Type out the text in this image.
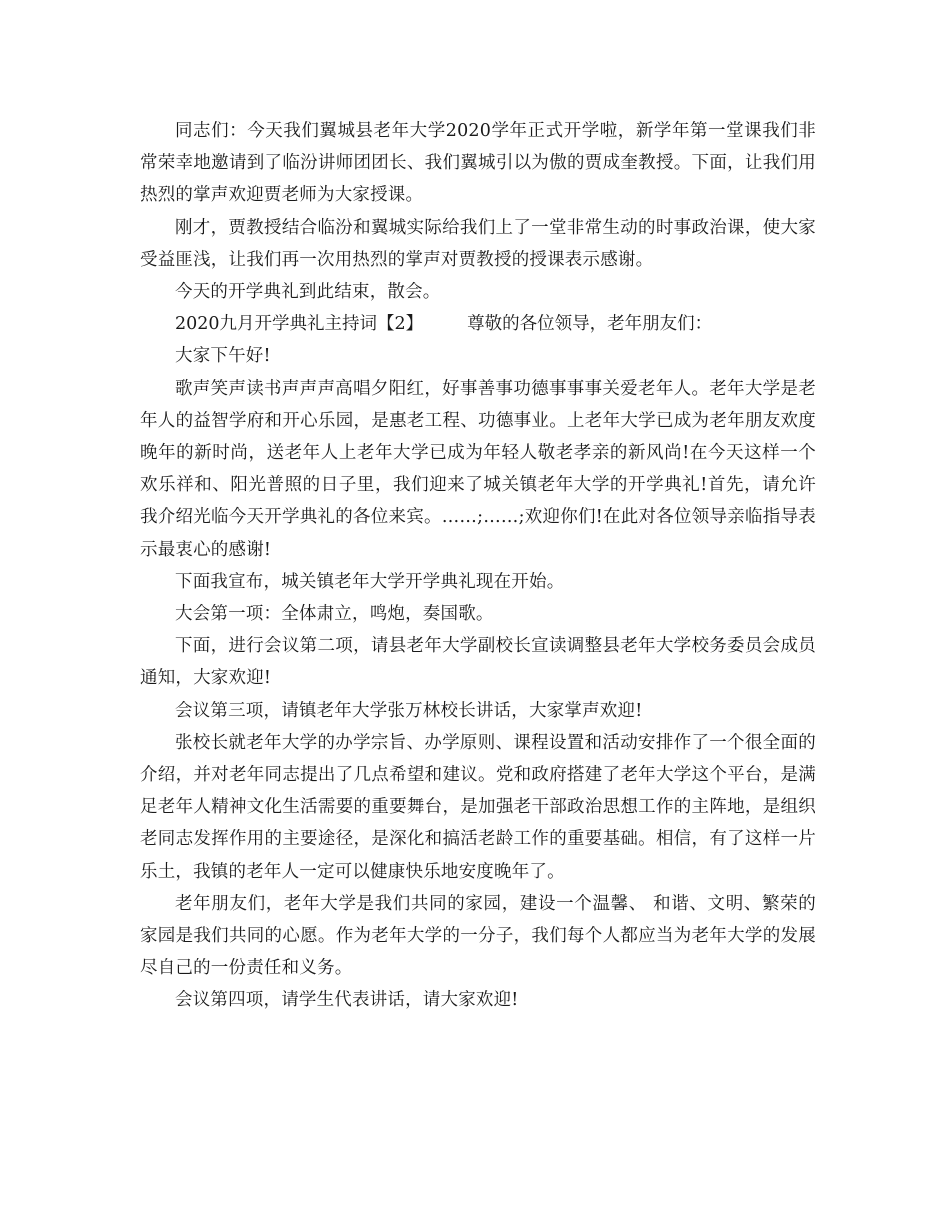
同志们：今天我们翼城县老年大学2020学年正式开学啦，新学年第一堂课我们非常荣幸地邀请到了临汾讲师团团长、我们翼城引以为傲的贾成奎教授。下面，让我们用热烈的掌声欢迎贾老师为大家授课。

刚才，贾教授结合临汾和翼城实际给我们上了一堂非常生动的时事政治课，使大家受益匪浅，让我们再一次用热烈的掌声对贾教授的授课表示感谢。

今天的开学典礼到此结束，散会。

2020九月开学典礼主持词【2】	尊敬的各位领导，老年朋友们：

大家下午好!

歌声笑声读书声声声高唱夕阳红，好事善事功德事事事关爱老年人。老年大学是老年人的益智学府和开心乐园，是惠老工程、功德事业。上老年大学已成为老年朋友欢度晚年的新时尚，送老年人上老年大学已成为年轻人敬老孝亲的新风尚!在今天这样一个欢乐祥和、阳光普照的日子里，我们迎来了城关镇老年大学的开学典礼!首先，请允许我介绍光临今天开学典礼的各位来宾。……;……;欢迎你们!在此对各位领导亲临指导表示最衷心的感谢!

下面我宣布，城关镇老年大学开学典礼现在开始。

大会第一项：全体肃立，鸣炮，奏国歌。

下面，进行会议第二项，请县老年大学副校长宣读调整县老年大学校务委员会成员通知，大家欢迎!

会议第三项，请镇老年大学张万林校长讲话，大家掌声欢迎!

张校长就老年大学的办学宗旨、办学原则、课程设置和活动安排作了一个很全面的介绍，并对老年同志提出了几点希望和建议。党和政府搭建了老年大学这个平台，是满足老年人精神文化生活需要的重要舞台，是加强老干部政治思想工作的主阵地，是组织老同志发挥作用的主要途径，是深化和搞活老龄工作的重要基础。相信，有了这样一片乐土，我镇的老年人一定可以健康快乐地安度晚年了。

老年朋友们，老年大学是我们共同的家园，建设一个温馨、 和谐、文明、繁荣的家园是我们共同的心愿。作为老年大学的一分子，我们每个人都应当为老年大学的发展尽自己的一份责任和义务。

会议第四项，请学生代表讲话，请大家欢迎!
